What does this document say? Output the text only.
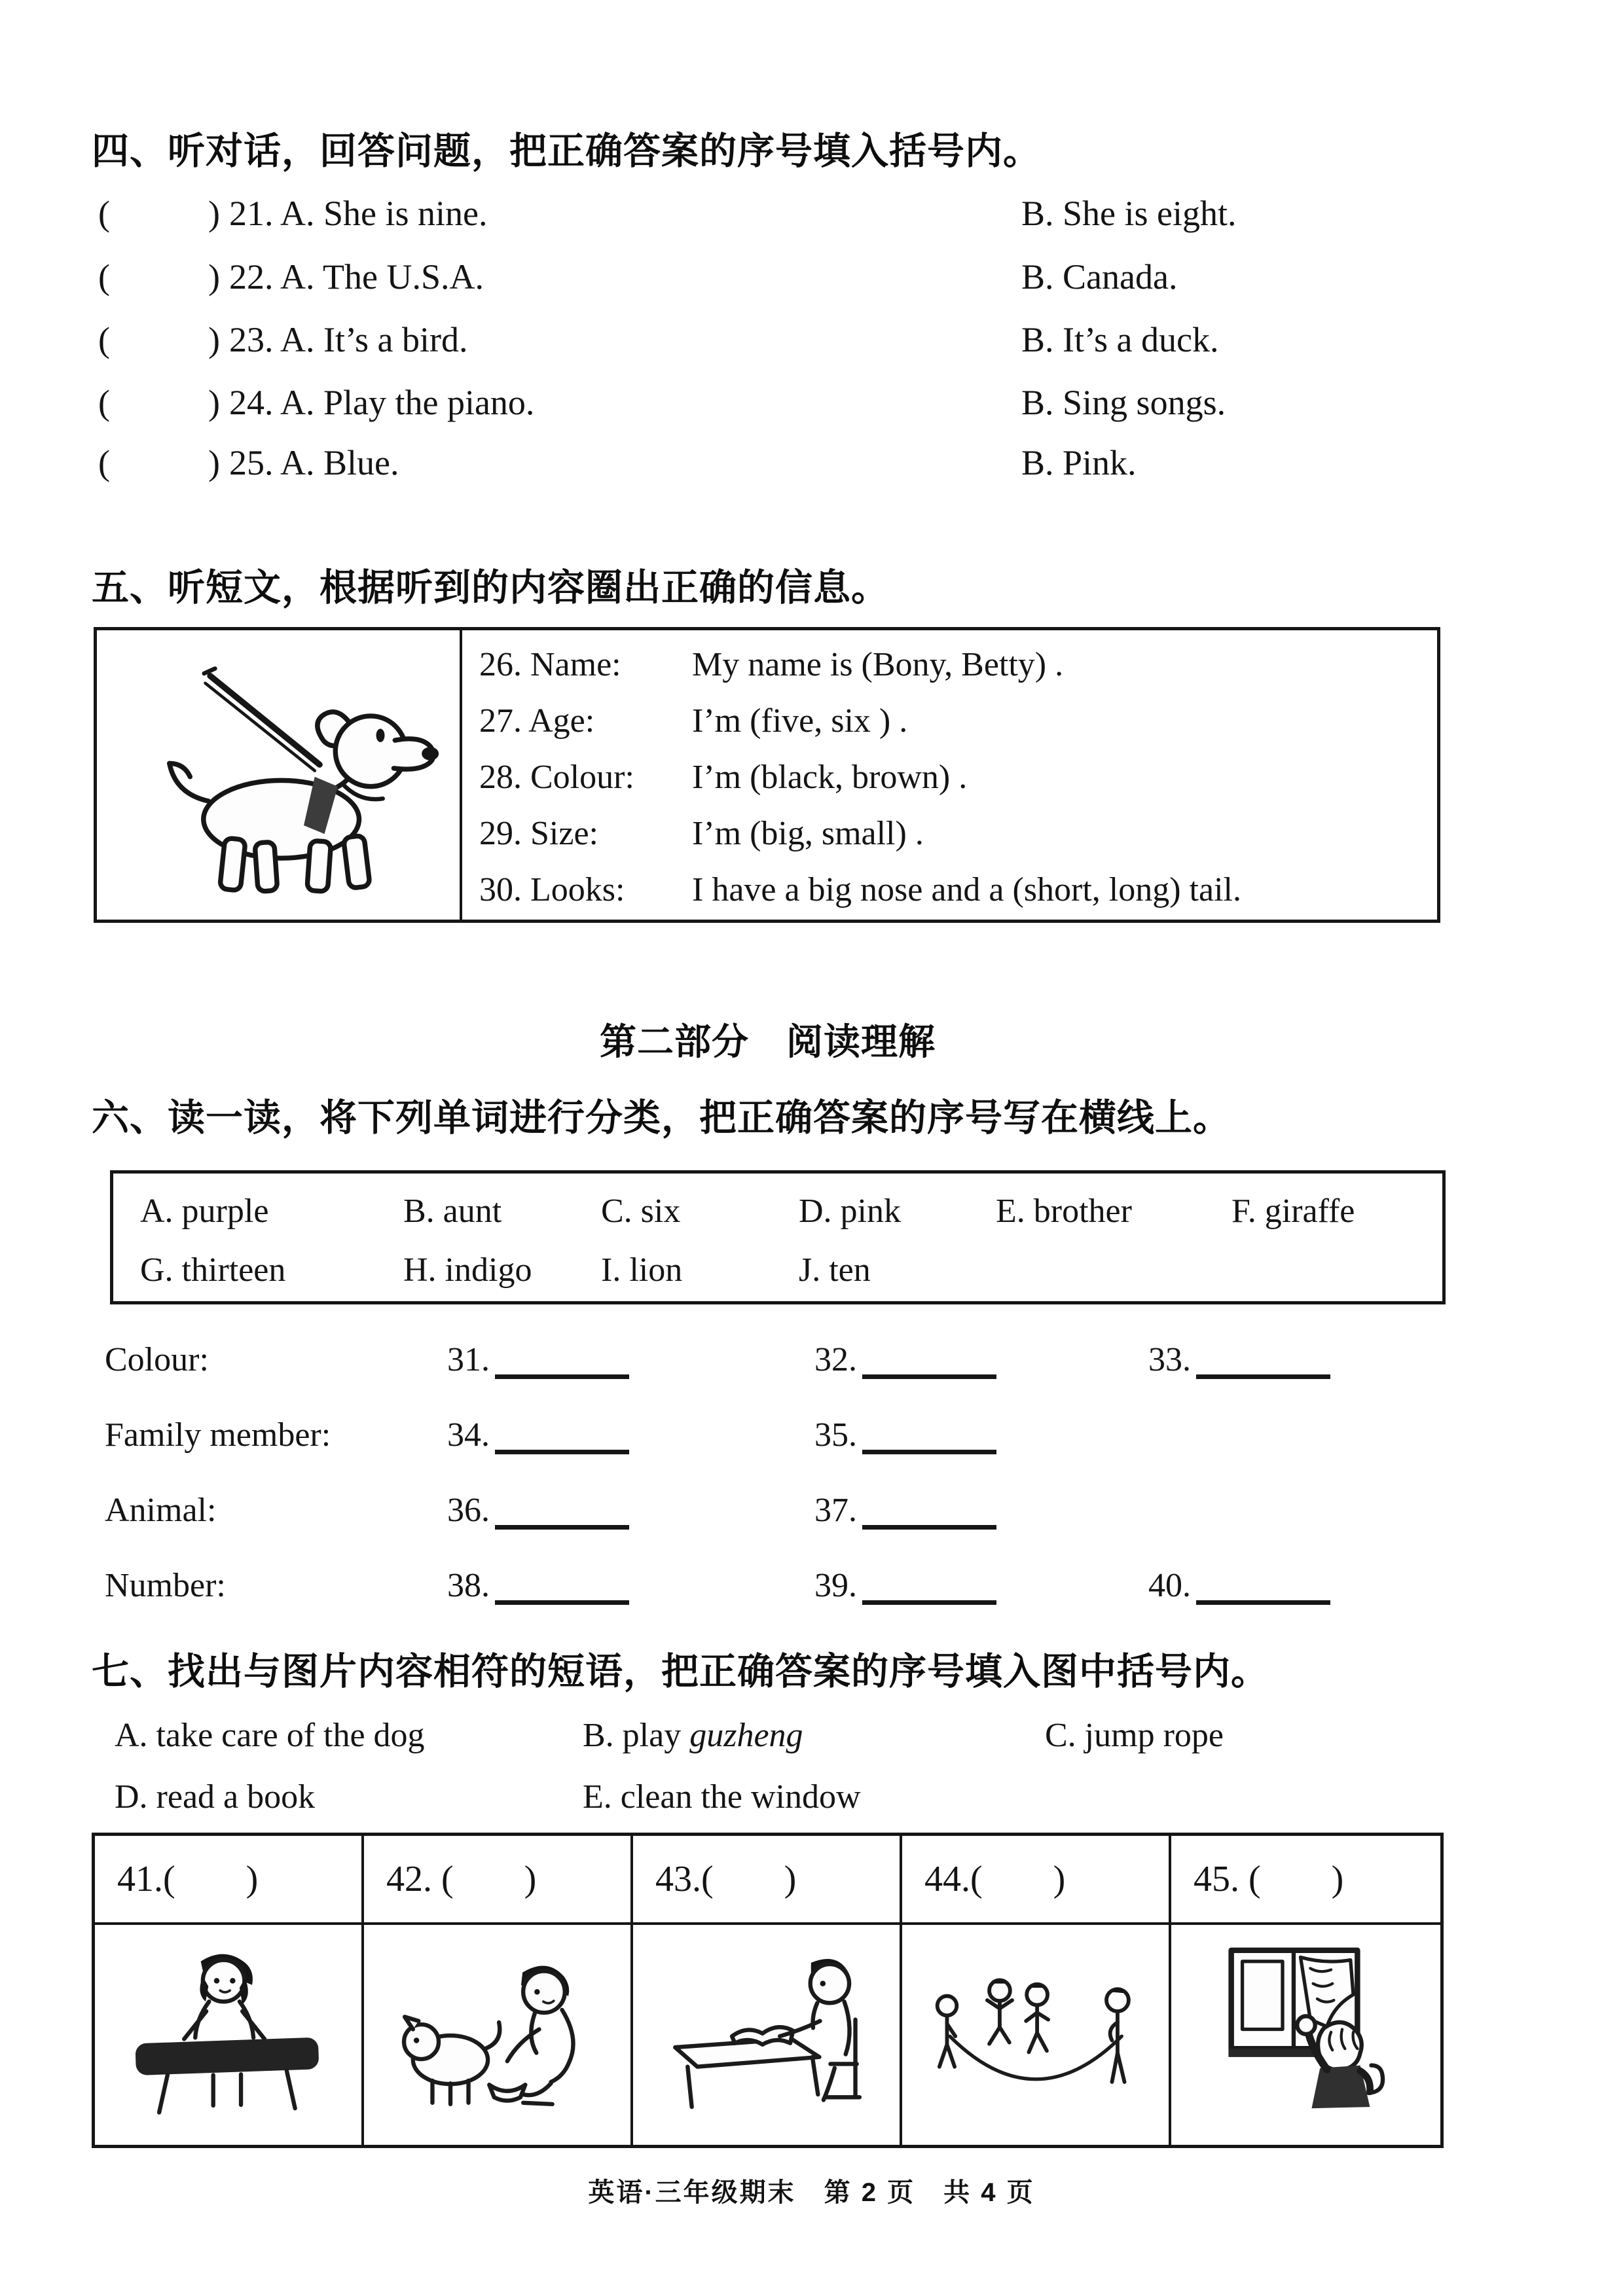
四、听对话，回答问题，把正确答案的序号填入括号内。
(	) 21. A. She is nine.	B. She is eight.
(	) 22. A. The U.S.A.	B. Canada.
(	) 23. A. It’s a bird.	B. It’s a duck.
(	) 24. A. Play the piano.	B. Sing songs.
(	) 25. A. Blue.	B. Pink.
五、听短文，根据听到的内容圈出正确的信息。
26. Name:	My name is (Bony, Betty) .
27. Age:	I’m (five, six ) .
28. Colour:	I’m (black, brown) .
29. Size:	I’m (big, small) .
30. Looks:	I have a big nose and a (short, long) tail.
第二部分　阅读理解
六、读一读，将下列单词进行分类，把正确答案的序号写在横线上。
A. purple	B. aunt	C. six	D. pink	E. brother	F. giraffe
G. thirteen	H. indigo	I. lion	J. ten
Colour:	31.	32.	33.
Family member:	34.	35.
Animal:	36.	37.
Number:	38.	39.	40.
七、找出与图片内容相符的短语，把正确答案的序号填入图中括号内。
A. take care of the dog	B. play guzheng	C. jump rope
D. read a book	E. clean the window
41.( )	42. ( )	43.( )	44.( )	45. ( )
英语·三年级期末　第 2 页　共 4 页
